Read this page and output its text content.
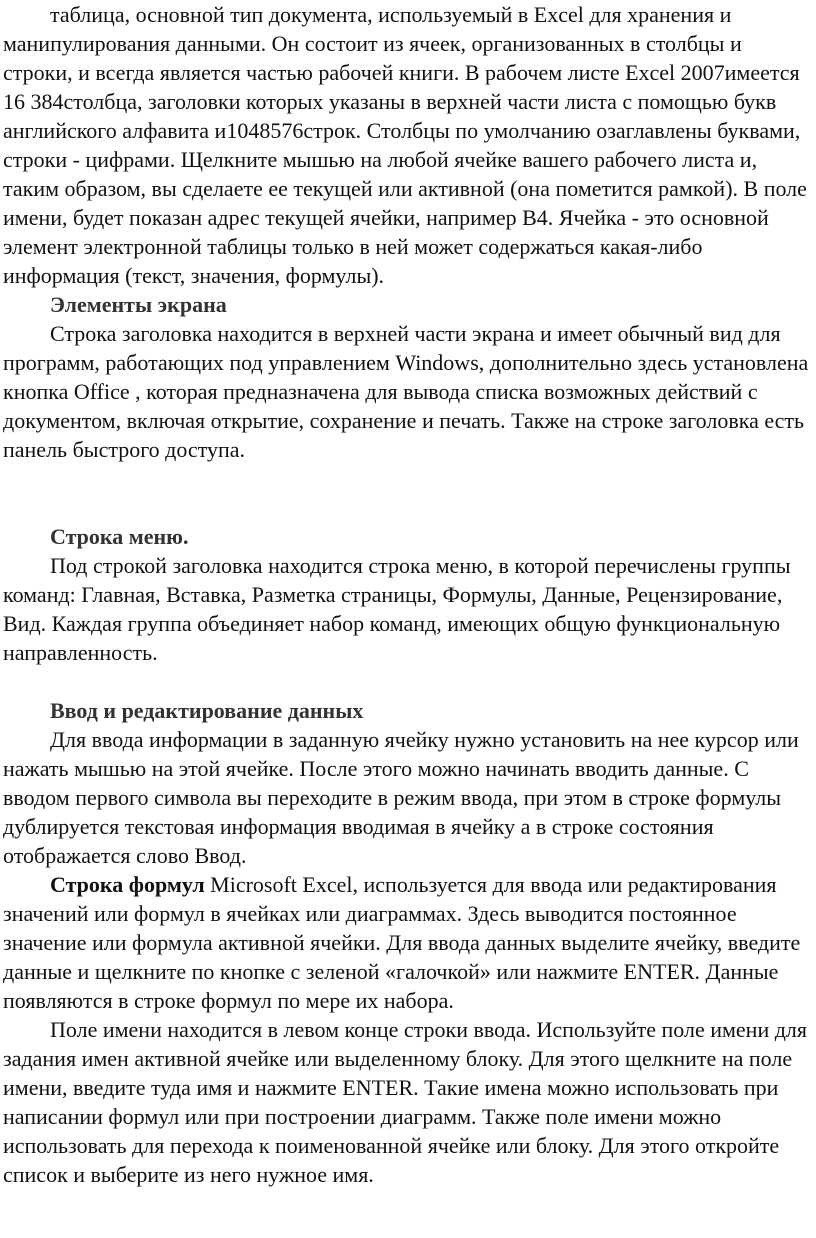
таблица, основной тип документа, используемый в Excel для хранения и манипулирования данными. Он состоит из ячеек, организованных в столбцы и строки, и всегда является частью рабочей книги. В рабочем листе Excel 2007имеется 16 384столбца, заголовки которых указаны в верхней части листа с помощью букв английского алфавита и1048576строк. Столбцы по умолчанию озаглавлены буквами, строки - цифрами. Щелкните мышью на любой ячейке вашего рабочего листа и, таким образом, вы сделаете ее текущей или активной (она пометится рамкой). В поле имени, будет показан адрес текущей ячейки, например В4. Ячейка - это основной элемент электронной таблицы только в ней может содержаться какая-либо информация (текст, значения, формулы).

Элементы экрана

Строка заголовка находится в верхней части экрана и имеет обычный вид для программ, работающих под управлением Windows, дополнительно здесь установлена кнопка Office , которая предназначена для вывода списка возможных действий с документом, включая открытие, сохранение и печать. Также на строке заголовка есть панель быстрого доступа.

Строка меню.

Под строкой заголовка находится строка меню, в которой перечислены группы команд: Главная, Вставка, Разметка страницы, Формулы, Данные, Рецензирование, Вид. Каждая группа объединяет набор команд, имеющих общую функциональную направленность.

Ввод и редактирование данных

Для ввода информации в заданную ячейку нужно установить на нее курсор или нажать мышью на этой ячейке. После этого можно начинать вводить данные. С вводом первого символа вы переходите в режим ввода, при этом в строке формулы дублируется текстовая информация вводимая в ячейку а в строке состояния отображается слово Ввод.

Строка формул Microsoft Excel, используется для ввода или редактирования значений или формул в ячейках или диаграммах. Здесь выводится постоянное значение или формула активной ячейки. Для ввода данных выделите ячейку, введите данные и щелкните по кнопке с зеленой «галочкой» или нажмите ENTER. Данные появляются в строке формул по мере их набора.

Поле имени находится в левом конце строки ввода. Используйте поле имени для задания имен активной ячейке или выделенному блоку. Для этого щелкните на поле имени, введите туда имя и нажмите ENTER. Такие имена можно использовать при написании формул или при построении диаграмм. Также поле имени можно использовать для перехода к поименованной ячейке или блоку. Для этого откройте список и выберите из него нужное имя.
